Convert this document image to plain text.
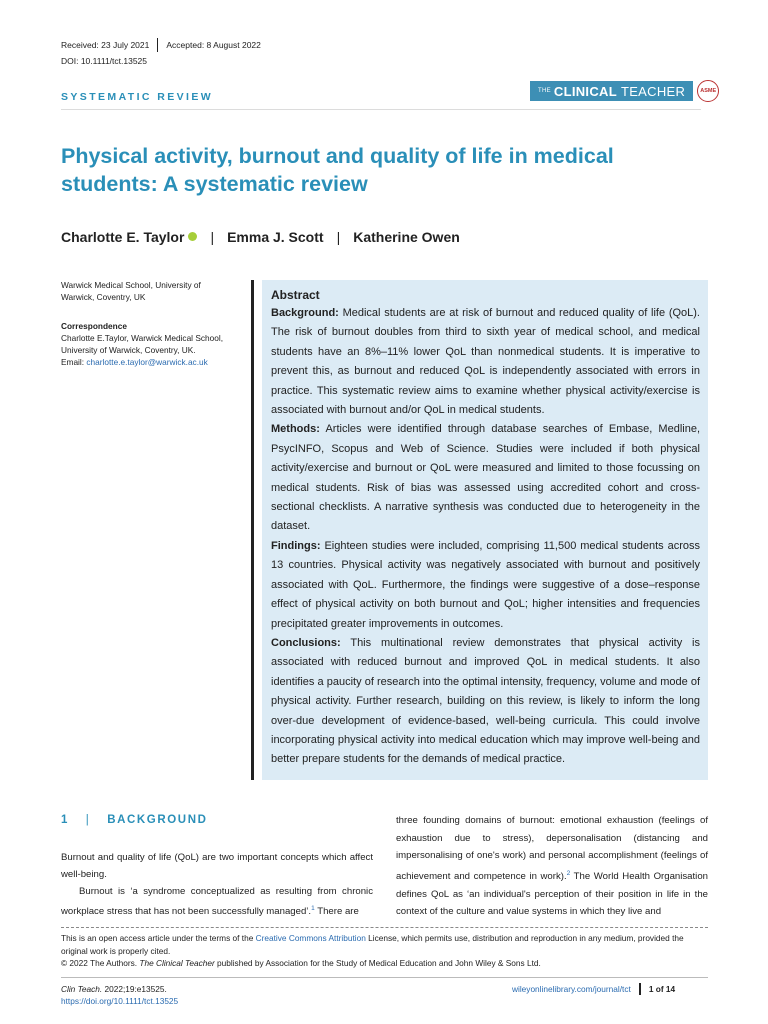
Received: 23 July 2021 Accepted: 8 August 2022
DOI: 10.1111/tct.13525
SYSTEMATIC REVIEW	THE CLINICAL TEACHER	ASME
Physical activity, burnout and quality of life in medical students: A systematic review
Charlotte E. Taylor | Emma J. Scott | Katherine Owen
Warwick Medical School, University of Warwick, Coventry, UK
Correspondence
Charlotte E.Taylor, Warwick Medical School, University of Warwick, Coventry, UK.
Email: charlotte.e.taylor@warwick.ac.uk
Abstract

Background: Medical students are at risk of burnout and reduced quality of life (QoL). The risk of burnout doubles from third to sixth year of medical school, and medical students have an 8%–11% lower QoL than nonmedical students. It is imperative to prevent this, as burnout and reduced QoL is independently associated with errors in practice. This systematic review aims to examine whether physical activity/exercise is associated with burnout and/or QoL in medical students.

Methods: Articles were identified through database searches of Embase, Medline, PsycINFO, Scopus and Web of Science. Studies were included if both physical activity/exercise and burnout or QoL were measured and limited to those focussing on medical students. Risk of bias was assessed using accredited cohort and cross-sectional checklists. A narrative synthesis was conducted due to heterogeneity in the dataset.

Findings: Eighteen studies were included, comprising 11,500 medical students across 13 countries. Physical activity was negatively associated with burnout and positively associated with QoL. Furthermore, the findings were suggestive of a dose–response effect of physical activity on both burnout and QoL; higher intensities and frequencies precipitated greater improvements in outcomes.

Conclusions: This multinational review demonstrates that physical activity is associated with reduced burnout and improved QoL in medical students. It also identifies a paucity of research into the optimal intensity, frequency, volume and mode of physical activity. Further research, building on this review, is likely to inform the long over-due development of evidence-based, well-being curricula. This could involve incorporating physical activity into medical education which may improve well-being and better prepare students for the demands of medical practice.

1 | BACKGROUND

Burnout and quality of life (QoL) are two important concepts which affect well-being.

Burnout is ‘a syndrome conceptualized as resulting from chronic workplace stress that has not been successfully managed’.$^1$ There are

three founding domains of burnout: emotional exhaustion (feelings of exhaustion due to stress), depersonalisation (distancing and impersonalising of one's work) and personal accomplishment (feelings of achievement and competence in work).$^2$ The World Health Organisation defines QoL as ‘an individual's perception of their position in life in the context of the culture and value systems in which they live and

This is an open access article under the terms of the Creative Commons Attribution License, which permits use, distribution and reproduction in any medium, provided the original work is properly cited.
© 2022 The Authors. The Clinical Teacher published by Association for the Study of Medical Education and John Wiley & Sons Ltd.
Clin Teach. 2022;19:e13525.
https://doi.org/10.1111/tct.13525
wileyonlinelibrary.com/journal/tct 1 of 14
